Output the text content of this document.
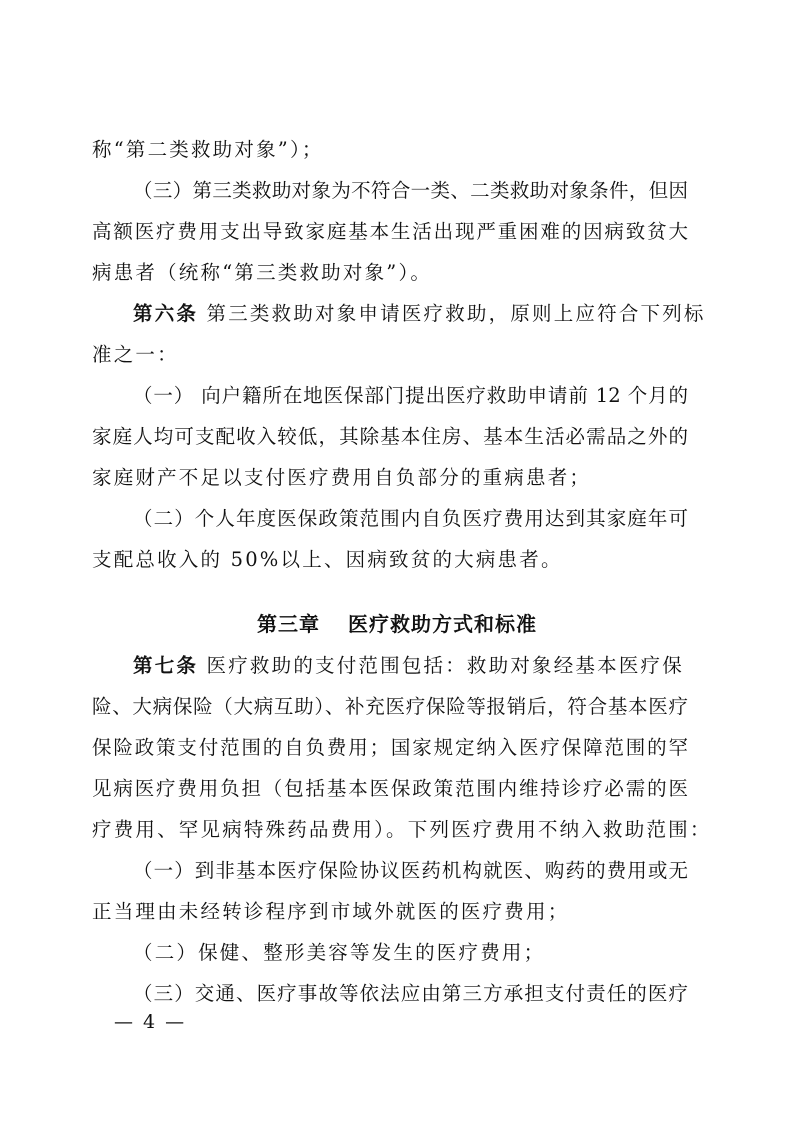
称“第二类救助对象”）；
（三）第三类救助对象为不符合一类、二类救助对象条件，但因
高额医疗费用支出导致家庭基本生活出现严重困难的因病致贫大
病患者（统称“第三类救助对象”）。
第六条 第三类救助对象申请医疗救助，原则上应符合下列标
准之一：
（一） 向户籍所在地医保部门提出医疗救助申请前 12 个月的
家庭人均可支配收入较低，其除基本住房、基本生活必需品之外的
家庭财产不足以支付医疗费用自负部分的重病患者；
（二）个人年度医保政策范围内自负医疗费用达到其家庭年可
支配总收入的 50%以上、因病致贫的大病患者。
第三章 医疗救助方式和标准
第七条 医疗救助的支付范围包括：救助对象经基本医疗保
险、大病保险（大病互助）、补充医疗保险等报销后，符合基本医疗
保险政策支付范围的自负费用；国家规定纳入医疗保障范围的罕
见病医疗费用负担（包括基本医保政策范围内维持诊疗必需的医
疗费用、罕见病特殊药品费用）。下列医疗费用不纳入救助范围：
（一）到非基本医疗保险协议医药机构就医、购药的费用或无
正当理由未经转诊程序到市域外就医的医疗费用；
（二）保健、整形美容等发生的医疗费用；
（三）交通、医疗事故等依法应由第三方承担支付责任的医疗
— 4 —
